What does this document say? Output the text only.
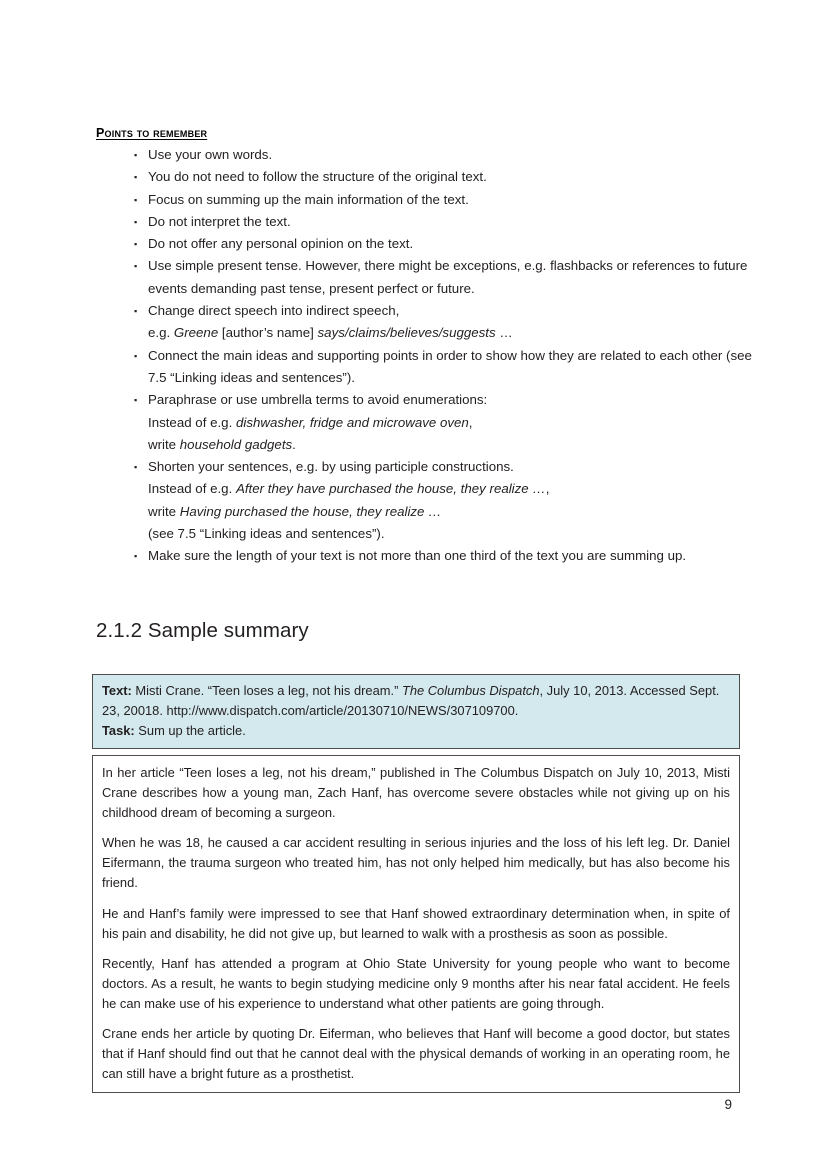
Points to remember
▪ Use your own words.
▪ You do not need to follow the structure of the original text.
▪ Focus on summing up the main information of the text.
▪ Do not interpret the text.
▪ Do not offer any personal opinion on the text.
▪ Use simple present tense. However, there might be exceptions, e.g. flashbacks or references to future events demanding past tense, present perfect or future.
▪ Change direct speech into indirect speech,
e.g. Greene [author’s name] says/claims/believes/suggests …
▪ Connect the main ideas and supporting points in order to show how they are related to each other (see 7.5 “Linking ideas and sentences”).
▪ Paraphrase or use umbrella terms to avoid enumerations:
Instead of e.g. dishwasher, fridge and microwave oven,
write household gadgets.
▪ Shorten your sentences, e.g. by using participle constructions.
Instead of e.g. After they have purchased the house, they realize …,
write Having purchased the house, they realize …
(see 7.5 “Linking ideas and sentences”).
▪ Make sure the length of your text is not more than one third of the text you are summing up.
2.1.2 Sample summary
Text: Misti Crane. “Teen loses a leg, not his dream.” The Columbus Dispatch, July 10, 2013. Accessed Sept. 23, 20018. http://www.dispatch.com/article/20130710/NEWS/307109700.
Task: Sum up the article.

In her article “Teen loses a leg, not his dream,” published in The Columbus Dispatch on July 10, 2013, Misti Crane describes how a young man, Zach Hanf, has overcome severe obstacles while not giving up on his childhood dream of becoming a surgeon.

When he was 18, he caused a car accident resulting in serious injuries and the loss of his left leg. Dr. Daniel Eifermann, the trauma surgeon who treated him, has not only helped him medically, but has also become his friend.

He and Hanf’s family were impressed to see that Hanf showed extraordinary determination when, in spite of his pain and disability, he did not give up, but learned to walk with a prosthesis as soon as possible.

Recently, Hanf has attended a program at Ohio State University for young people who want to become doctors. As a result, he wants to begin studying medicine only 9 months after his near fatal accident. He feels he can make use of his experience to understand what other patients are going through.

Crane ends her article by quoting Dr. Eiferman, who believes that Hanf will become a good doctor, but states that if Hanf should find out that he cannot deal with the physical demands of working in an operating room, he can still have a bright future as a prosthetist.

9
